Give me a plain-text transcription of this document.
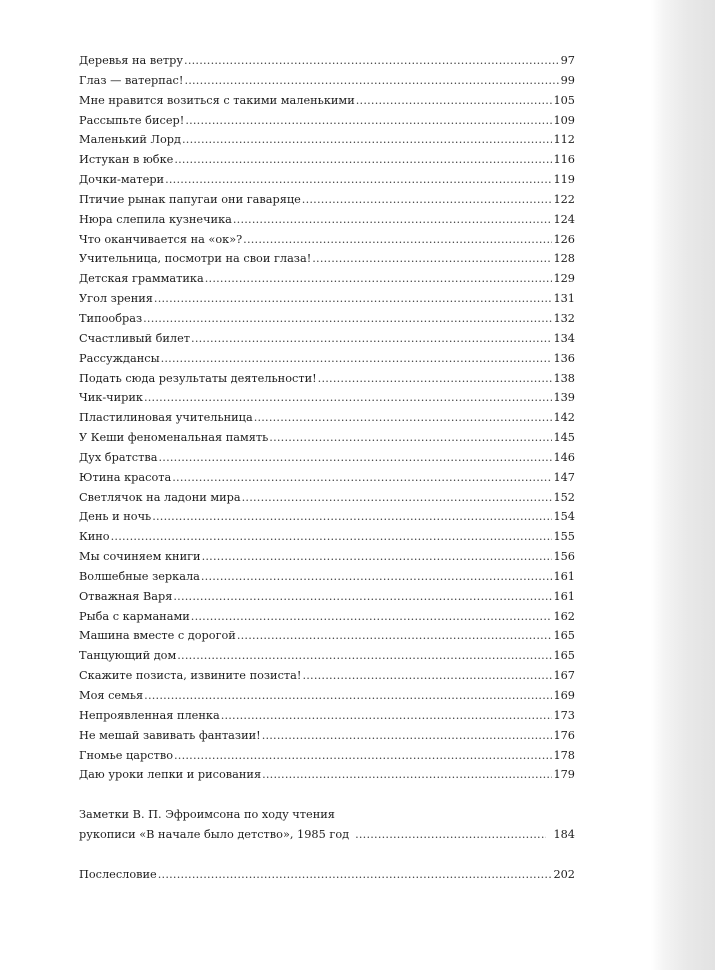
Деревья на ветру .....	97
Глаз — ватерпас! .....	99
Мне нравится возиться с такими маленькими .....	105
Рассыпьте бисер! .....	109
Маленький Лорд .....	112
Истукан в юбке .....	116
Дочки-матери .....	119
Птичие рынак папугаи они гаваряце .....	122
Нюра слепила кузнечика .....	124
Что оканчивается на «ок»? .....	126
Учительница, посмотри на свои глаза! .....	128
Детская грамматика .....	129
Угол зрения .....	131
Типообраз .....	132
Счастливый билет .....	134
Рассуждансы .....	136
Подать сюда результаты деятельности! .....	138
Чик-чирик .....	139
Пластилиновая учительница .....	142
У Кеши феноменальная память .....	145
Дух братства .....	146
Ютина красота .....	147
Светлячок на ладони мира .....	152
День и ночь .....	154
Кино .....	155
Мы сочиняем книги .....	156
Волшебные зеркала .....	161
Отважная Варя .....	161
Рыба с карманами .....	162
Машина вместе с дорогой .....	165
Танцующий дом .....	165
Скажите позиста, извините позиста! .....	167
Моя семья .....	169
Непроявленная пленка .....	173
Не мешай завивать фантазии! .....	176
Гномье царство .....	178
Даю уроки лепки и рисования .....	179
Заметки В. П. Эфроимсона по ходу чтения
рукописи «В начале было детство», 1985 год .....	184
Послесловие .....	202
